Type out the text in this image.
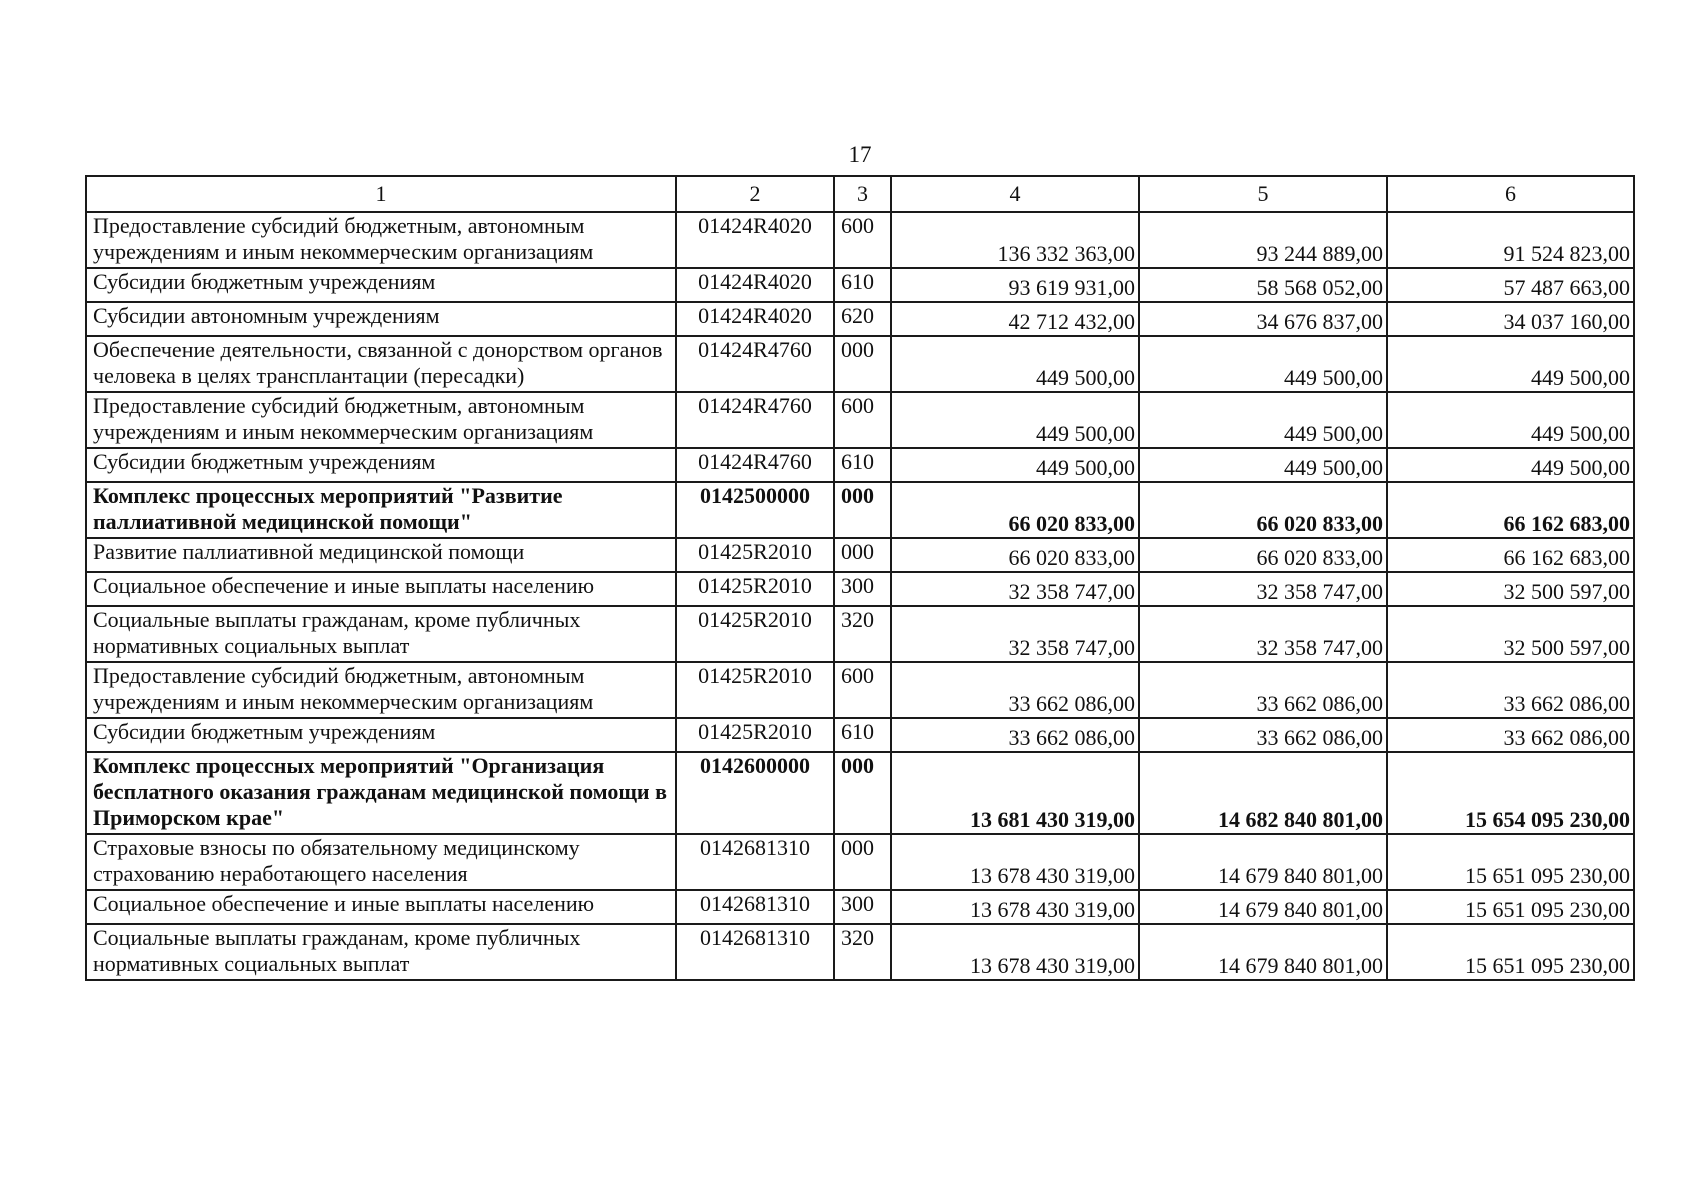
17
1	2	3	4	5	6
Предоставление субсидий бюджетным, автономным учреждениям и иным некоммерческим организациям	01424R4020	600	136 332 363,00	93 244 889,00	91 524 823,00
Субсидии бюджетным учреждениям	01424R4020	610	93 619 931,00	58 568 052,00	57 487 663,00
Субсидии автономным учреждениям	01424R4020	620	42 712 432,00	34 676 837,00	34 037 160,00
Обеспечение деятельности, связанной с донорством органов человека в целях трансплантации (пересадки)	01424R4760	000	449 500,00	449 500,00	449 500,00
Предоставление субсидий бюджетным, автономным учреждениям и иным некоммерческим организациям	01424R4760	600	449 500,00	449 500,00	449 500,00
Субсидии бюджетным учреждениям	01424R4760	610	449 500,00	449 500,00	449 500,00
Комплекс процессных мероприятий "Развитие паллиативной медицинской помощи"	0142500000	000	66 020 833,00	66 020 833,00	66 162 683,00
Развитие паллиативной медицинской помощи	01425R2010	000	66 020 833,00	66 020 833,00	66 162 683,00
Социальное обеспечение и иные выплаты населению	01425R2010	300	32 358 747,00	32 358 747,00	32 500 597,00
Социальные выплаты гражданам, кроме публичных нормативных социальных выплат	01425R2010	320	32 358 747,00	32 358 747,00	32 500 597,00
Предоставление субсидий бюджетным, автономным учреждениям и иным некоммерческим организациям	01425R2010	600	33 662 086,00	33 662 086,00	33 662 086,00
Субсидии бюджетным учреждениям	01425R2010	610	33 662 086,00	33 662 086,00	33 662 086,00
Комплекс процессных мероприятий "Организация бесплатного оказания гражданам медицинской помощи в Приморском крае"	0142600000	000	13 681 430 319,00	14 682 840 801,00	15 654 095 230,00
Страховые взносы по обязательному медицинскому страхованию неработающего населения	0142681310	000	13 678 430 319,00	14 679 840 801,00	15 651 095 230,00
Социальное обеспечение и иные выплаты населению	0142681310	300	13 678 430 319,00	14 679 840 801,00	15 651 095 230,00
Социальные выплаты гражданам, кроме публичных нормативных социальных выплат	0142681310	320	13 678 430 319,00	14 679 840 801,00	15 651 095 230,00
